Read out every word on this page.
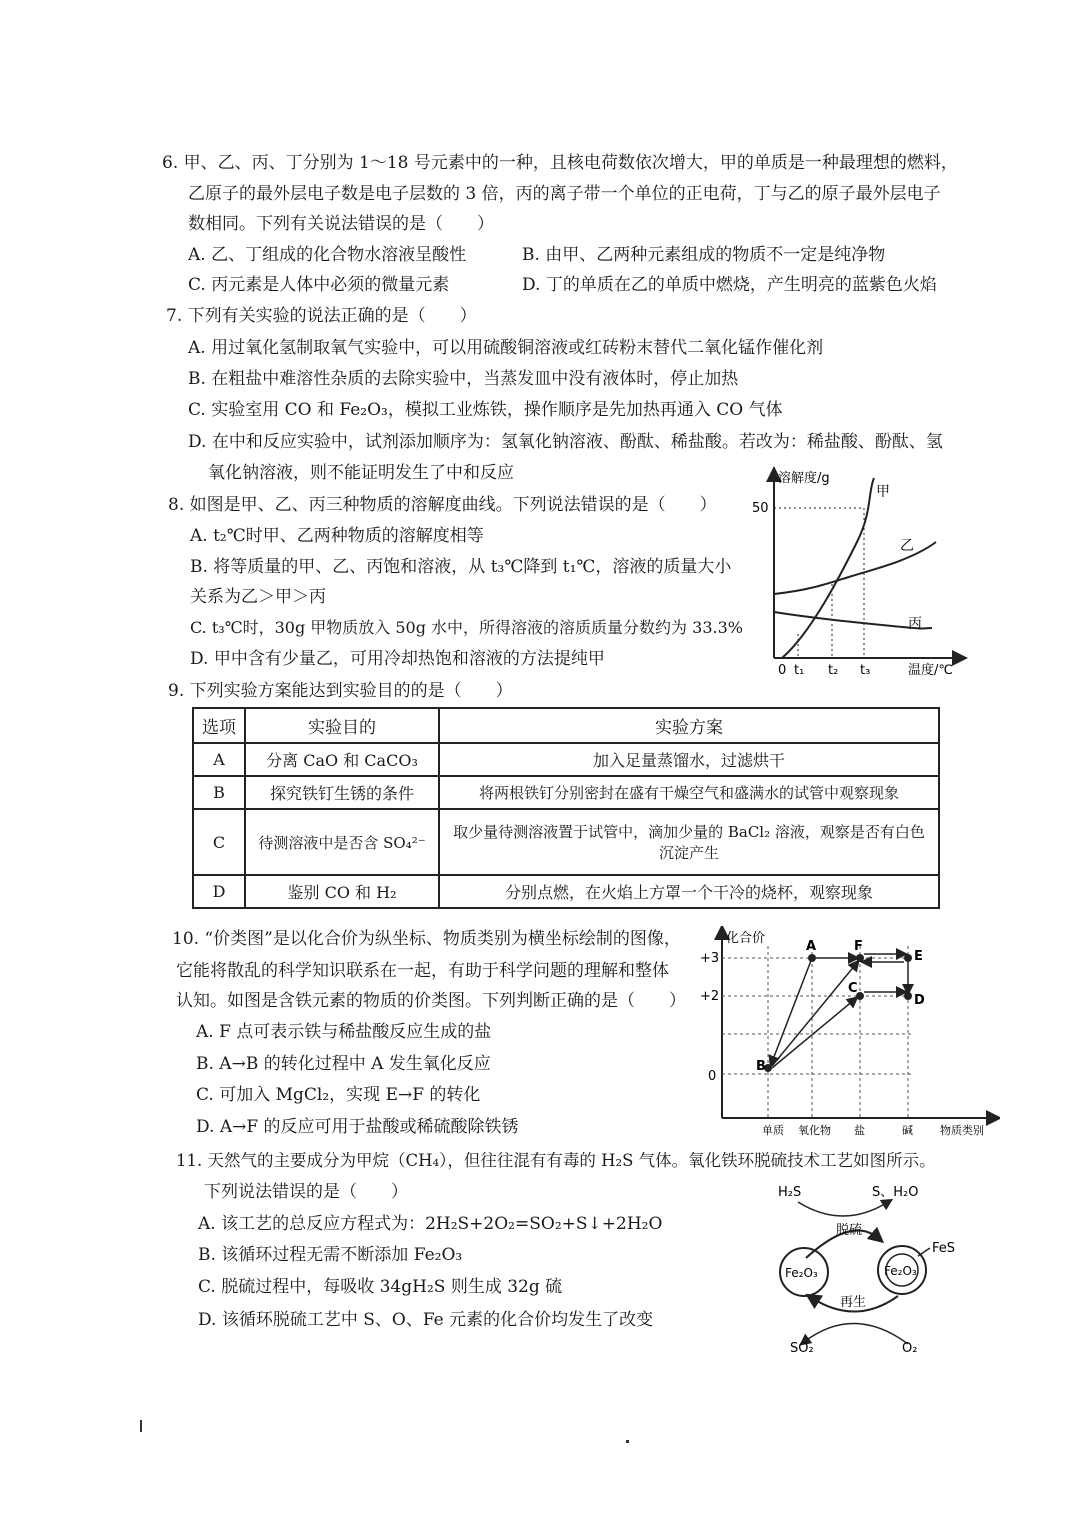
6. 甲、乙、丙、丁分别为 1～18 号元素中的一种，且核电荷数依次增大，甲的单质是一种最理想的燃料，
乙原子的最外层电子数是电子层数的 3 倍，丙的离子带一个单位的正电荷，丁与乙的原子最外层电子
数相同。下列有关说法错误的是（　　）
A. 乙、丁组成的化合物水溶液呈酸性	B. 由甲、乙两种元素组成的物质不一定是纯净物
C. 丙元素是人体中必须的微量元素	D. 丁的单质在乙的单质中燃烧，产生明亮的蓝紫色火焰
7. 下列有关实验的说法正确的是（　　）
A. 用过氧化氢制取氧气实验中，可以用硫酸铜溶液或红砖粉末替代二氧化锰作催化剂
B. 在粗盐中难溶性杂质的去除实验中，当蒸发皿中没有液体时，停止加热
C. 实验室用 CO 和 Fe₂O₃，模拟工业炼铁，操作顺序是先加热再通入 CO 气体
D. 在中和反应实验中，试剂添加顺序为：氢氧化钠溶液、酚酞、稀盐酸。若改为：稀盐酸、酚酞、氢
氧化钠溶液，则不能证明发生了中和反应
8. 如图是甲、乙、丙三种物质的溶解度曲线。下列说法错误的是（　　）
A. t₂℃时甲、乙两种物质的溶解度相等
B. 将等质量的甲、乙、丙饱和溶液，从 t₃℃降到 t₁℃，溶液的质量大小
关系为乙＞甲＞丙
C. t₃℃时，30g 甲物质放入 50g 水中，所得溶液的溶质质量分数约为 33.3%
D. 甲中含有少量乙，可用冷却热饱和溶液的方法提纯甲
溶解度/g
50
甲
乙
丙
0 t₁ t₂ t₃	温度/℃
9. 下列实验方案能达到实验目的的是（　　）
选项	实验目的	实验方案
A	分离 CaO 和 CaCO₃	加入足量蒸馏水，过滤烘干
B	探究铁钉生锈的条件	将两根铁钉分别密封在盛有干燥空气和盛满水的试管中观察现象
C	待测溶液中是否含 SO₄²⁻	取少量待测溶液置于试管中，滴加少量的 BaCl₂ 溶液，观察是否有白色沉淀产生
D	鉴别 CO 和 H₂	分别点燃，在火焰上方罩一个干冷的烧杯，观察现象
10. “价类图”是以化合价为纵坐标、物质类别为横坐标绘制的图像，
它能将散乱的科学知识联系在一起，有助于科学问题的理解和整体
认知。如图是含铁元素的物质的价类图。下列判断正确的是（　　）
A. F 点可表示铁与稀盐酸反应生成的盐
B. A→B 的转化过程中 A 发生氧化反应
C. 可加入 MgCl₂，实现 E→F 的转化
D. A→F 的反应可用于盐酸或稀硫酸除铁锈
化合价
+3
+2
0
A
B
C
D
E
F
单质 氧化物 盐	碱 物质类别
11. 天然气的主要成分为甲烷（CH₄），但往往混有有毒的 H₂S 气体。氧化铁环脱硫技术工艺如图所示。
下列说法错误的是（　　）
A. 该工艺的总反应方程式为：2H₂S+2O₂=SO₂+S↓+2H₂O
B. 该循环过程无需不断添加 Fe₂O₃
C. 脱硫过程中，每吸收 34gH₂S 则生成 32g 硫
D. 该循环脱硫工艺中 S、O、Fe 元素的化合价均发生了改变
H₂S	S、H₂O
脱硫
FeS
Fe₂O₃	Fe₂O₃
再生
SO₂	O₂
